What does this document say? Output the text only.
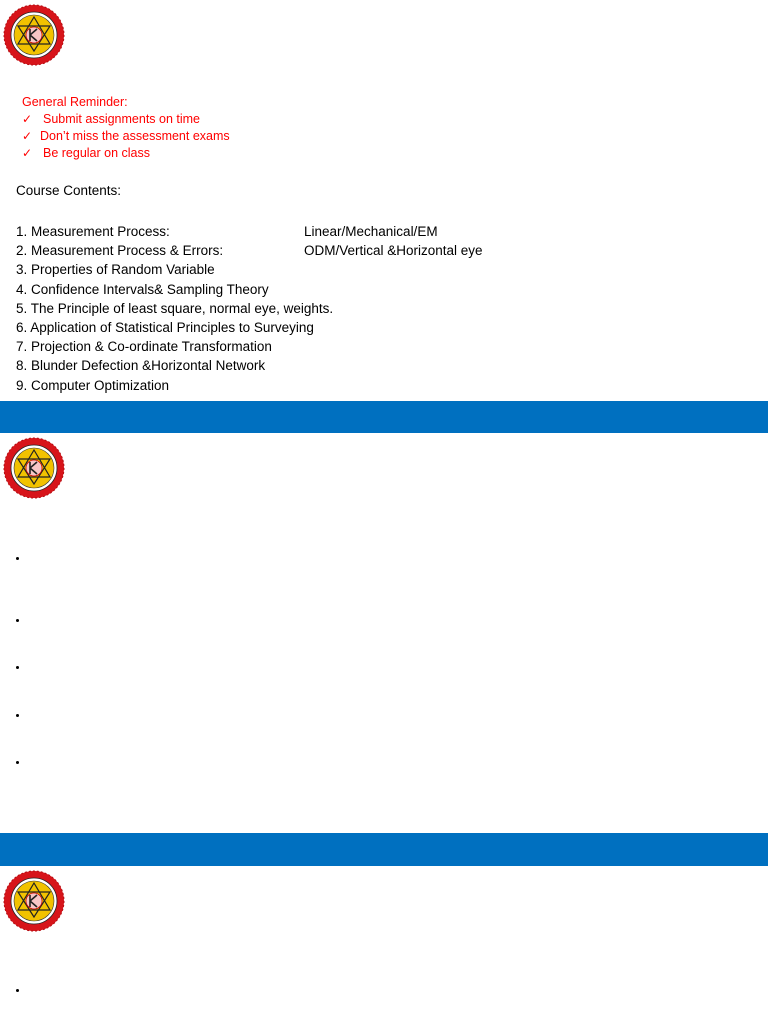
General Reminder:
✓ Submit assignments on time
✓ Don’t miss the assessment exams
✓ Be regular on class
Course Contents:
1. Measurement Process:	Linear/Mechanical/EM
2. Measurement Process & Errors:	ODM/Vertical &Horizontal eye
3. Properties of Random Variable
4. Confidence Intervals& Sampling Theory
5. The Principle of least square, normal eye, weights.
6. Application of Statistical Principles to Surveying
7. Projection & Co-ordinate Transformation
8. Blunder Defection &Horizontal Network
9. Computer Optimization
